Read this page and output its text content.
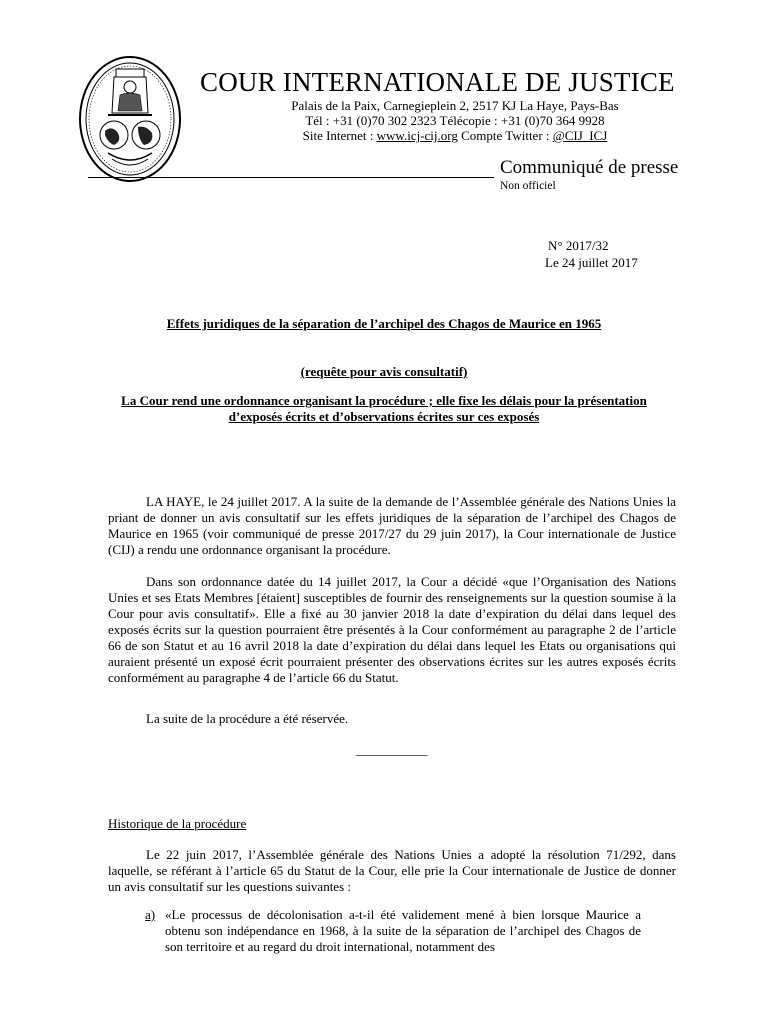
COUR INTERNATIONALE DE JUSTICE
Palais de la Paix, Carnegieplein 2, 2517 KJ La Haye, Pays-Bas
Tél : +31 (0)70 302 2323 Télécopie : +31 (0)70 364 9928
Site Internet : www.icj-cij.org Compte Twitter : @CIJ_ICJ
Communiqué de presse
Non officiel
N° 2017/32
Le 24 juillet 2017
Effets juridiques de la séparation de l’archipel des Chagos de Maurice en 1965
(requête pour avis consultatif)
La Cour rend une ordonnance organisant la procédure ; elle fixe les délais pour la présentation d’exposés écrits et d’observations écrites sur ces exposés
LA HAYE, le 24 juillet 2017. A la suite de la demande de l’Assemblée générale des Nations Unies la priant de donner un avis consultatif sur les effets juridiques de la séparation de l’archipel des Chagos de Maurice en 1965 (voir communiqué de presse 2017/27 du 29 juin 2017), la Cour internationale de Justice (CIJ) a rendu une ordonnance organisant la procédure.
Dans son ordonnance datée du 14 juillet 2017, la Cour a décidé «que l’Organisation des Nations Unies et ses Etats Membres [étaient] susceptibles de fournir des renseignements sur la question soumise à la Cour pour avis consultatif». Elle a fixé au 30 janvier 2018 la date d’expiration du délai dans lequel des exposés écrits sur la question pourraient être présentés à la Cour conformément au paragraphe 2 de l’article 66 de son Statut et au 16 avril 2018 la date d’expiration du délai dans lequel les Etats ou organisations qui auraient présenté un exposé écrit pourraient présenter des observations écrites sur les autres exposés écrits conformément au paragraphe 4 de l’article 66 du Statut.
La suite de la procédure a été réservée.
___________
Historique de la procédure
Le 22 juin 2017, l’Assemblée générale des Nations Unies a adopté la résolution 71/292, dans laquelle, se référant à l’article 65 du Statut de la Cour, elle prie la Cour internationale de Justice de donner un avis consultatif sur les questions suivantes :
a) «Le processus de décolonisation a-t-il été validement mené à bien lorsque Maurice a obtenu son indépendance en 1968, à la suite de la séparation de l’archipel des Chagos de son territoire et au regard du droit international, notamment des
